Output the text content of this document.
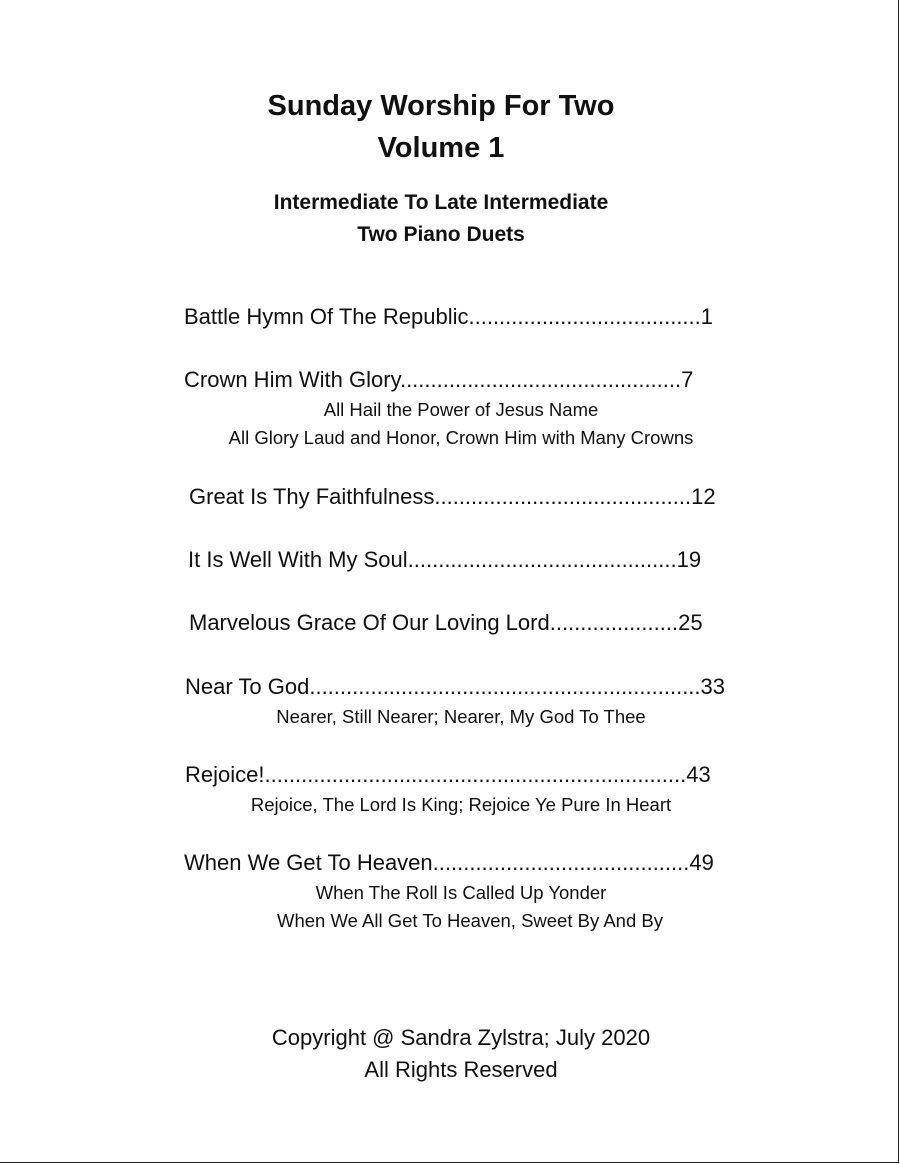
Sunday Worship For Two
Volume 1
Intermediate To Late Intermediate
Two Piano Duets
Battle Hymn Of The Republic......................................1
Crown Him With Glory..............................................7
All Hail the Power of Jesus Name
All Glory Laud and Honor, Crown Him with Many Crowns
Great Is Thy Faithfulness..........................................12
It Is Well With My Soul............................................19
Marvelous Grace Of Our Loving Lord.....................25
Near To God................................................................33
Nearer, Still Nearer; Nearer, My God To Thee
Rejoice!.....................................................................43
Rejoice, The Lord Is King; Rejoice Ye Pure In Heart
When We Get To Heaven..........................................49
When The Roll Is Called Up Yonder
When We All Get To Heaven, Sweet By And By
Copyright @ Sandra Zylstra; July 2020
All Rights Reserved
